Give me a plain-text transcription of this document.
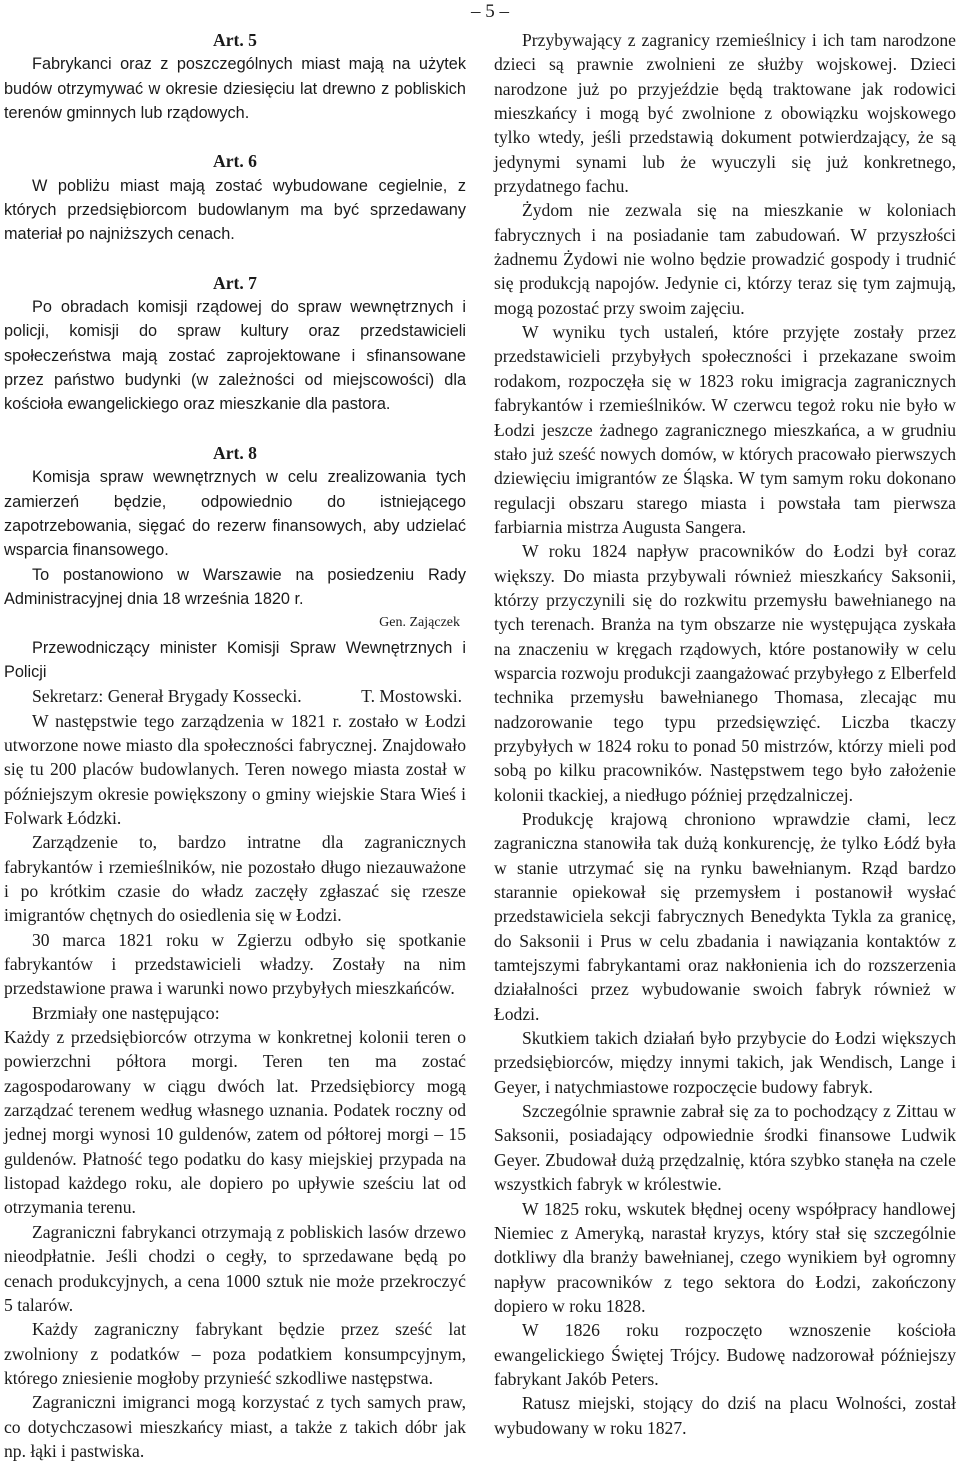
– 5 –

Art. 5

Fabrykanci oraz z poszczególnych miast mają na użytek budów otrzymywać w okresie dziesięciu lat drewno z pobliskich terenów gminnych lub rządowych.

Art. 6

W pobliżu miast mają zostać wybudowane cegielnie, z których przedsiębiorcom budowlanym ma być sprzedawany materiał po najniższych cenach.

Art. 7

Po obradach komisji rządowej do spraw wewnętrznych i policji, komisji do spraw kultury oraz przedstawicieli społeczeństwa mają zostać zaprojektowane i sfinansowane przez państwo budynki (w zależności od miejscowości) dla kościoła ewangelickiego oraz mieszkanie dla pastora.

Art. 8

Komisja spraw wewnętrznych w celu zrealizowania tych zamierzeń będzie, odpowiednio do istniejącego zapotrzebowania, sięgać do rezerw finansowych, aby udzielać wsparcia finansowego.

To postanowiono w Warszawie na posiedzeniu Rady Administracyjnej dnia 18 września 1820 r.

Gen. Zajączek

Przewodniczący minister Komisji Spraw Wewnętrznych i Policji

Sekretarz: Generał Brygady Kossecki.	T. Mostowski.

W następstwie tego zarządzenia w 1821 r. zostało w Łodzi utworzone nowe miasto dla społeczności fabrycznej. Znajdowało się tu 200 placów budowlanych. Teren nowego miasta został w późniejszym okresie powiększony o gminy wiejskie Stara Wieś i Folwark Łódzki.

Zarządzenie to, bardzo intratne dla zagranicznych fabrykantów i rzemieślników, nie pozostało długo niezauważone i po krótkim czasie do władz zaczęły zgłaszać się rzesze imigrantów chętnych do osiedlenia się w Łodzi.

30 marca 1821 roku w Zgierzu odbyło się spotkanie fabrykantów i przedstawicieli władzy. Zostały na nim przedstawione prawa i warunki nowo przybyłych mieszkańców.

Brzmiały one następująco:

Każdy z przedsiębiorców otrzyma w konkretnej kolonii teren o powierzchni półtora morgi. Teren ten ma zostać zagospodarowany w ciągu dwóch lat. Przedsiębiorcy mogą zarządzać terenem według własnego uznania. Podatek roczny od jednej morgi wynosi 10 guldenów, zatem od półtorej morgi – 15 guldenów. Płatność tego podatku do kasy miejskiej przypada na listopad każdego roku, ale dopiero po upływie sześciu lat od otrzymania terenu.

Zagraniczni fabrykanci otrzymają z pobliskich lasów drzewo nieodpłatnie. Jeśli chodzi o cegły, to sprzedawane będą po cenach produkcyjnych, a cena 1000 sztuk nie może przekroczyć 5 talarów.

Każdy zagraniczny fabrykant będzie przez sześć lat zwolniony z podatków – poza podatkiem konsumpcyjnym, którego zniesienie mogłoby przynieść szkodliwe następstwa.

Zagraniczni imigranci mogą korzystać z tych samych praw, co dotychczasowi mieszkańcy miast, a także z takich dóbr jak np. łąki i pastwiska.

Przybywający z zagranicy rzemieślnicy i ich tam narodzone dzieci są prawnie zwolnieni ze służby wojskowej. Dzieci narodzone już po przyjeździe będą traktowane jak rodowici mieszkańcy i mogą być zwolnione z obowiązku wojskowego tylko wtedy, jeśli przedstawią dokument potwierdzający, że są jedynymi synami lub że wyuczyli się już konkretnego, przydatnego fachu.

Żydom nie zezwala się na mieszkanie w koloniach fabrycznych i na posiadanie tam zabudowań. W przyszłości żadnemu Żydowi nie wolno będzie prowadzić gospody i trudnić się produkcją napojów. Jedynie ci, którzy teraz się tym zajmują, mogą pozostać przy swoim zajęciu.

W wyniku tych ustaleń, które przyjęte zostały przez przedstawicieli przybyłych społeczności i przekazane swoim rodakom, rozpoczęła się w 1823 roku imigracja zagranicznych fabrykantów i rzemieślników. W czerwcu tegoż roku nie było w Łodzi jeszcze żadnego zagranicznego mieszkańca, a w grudniu stało już sześć nowych domów, w których pracowało pierwszych dziewięciu imigrantów ze Śląska. W tym samym roku dokonano regulacji obszaru starego miasta i powstała tam pierwsza farbiarnia mistrza Augusta Sangera.

W roku 1824 napływ pracowników do Łodzi był coraz większy. Do miasta przybywali również mieszkańcy Saksonii, którzy przyczynili się do rozkwitu przemysłu bawełnianego na tych terenach. Branża na tym obszarze nie występująca zyskała na znaczeniu w kręgach rządowych, które postanowiły w celu wsparcia rozwoju produkcji zaangażować przybyłego z Elberfeld technika przemysłu bawełnianego Thomasa, zlecając mu nadzorowanie tego typu przedsięwzięć. Liczba tkaczy przybyłych w 1824 roku to ponad 50 mistrzów, którzy mieli pod sobą po kilku pracowników. Następstwem tego było założenie kolonii tkackiej, a niedługo później przędzalniczej.

Produkcję krajową chroniono wprawdzie cłami, lecz zagraniczna stanowiła tak dużą konkurencję, że tylko Łódź była w stanie utrzymać się na rynku bawełnianym. Rząd bardzo starannie opiekował się przemysłem i postanowił wysłać przedstawiciela sekcji fabrycznych Benedykta Tykla za granicę, do Saksonii i Prus w celu zbadania i nawiązania kontaktów z tamtejszymi fabrykantami oraz nakłonienia ich do rozszerzenia działalności przez wybudowanie swoich fabryk również w Łodzi.

Skutkiem takich działań było przybycie do Łodzi większych przedsiębiorców, między innymi takich, jak Wendisch, Lange i Geyer, i natychmiastowe rozpoczęcie budowy fabryk.

Szczególnie sprawnie zabrał się za to pochodzący z Zittau w Saksonii, posiadający odpowiednie środki finansowe Ludwik Geyer. Zbudował dużą przędzalnię, która szybko stanęła na czele wszystkich fabryk w królestwie.

W 1825 roku, wskutek błędnej oceny współpracy handlowej Niemiec z Ameryką, narastał kryzys, który stał się szczególnie dotkliwy dla branży bawełnianej, czego wynikiem był ogromny napływ pracowników z tego sektora do Łodzi, zakończony dopiero w roku 1828.

W 1826 roku rozpoczęto wznoszenie kościoła ewangelickiego Świętej Trójcy. Budowę nadzorował późniejszy fabrykant Jakób Peters.

Ratusz miejski, stojący do dziś na placu Wolności, został wybudowany w roku 1827.
